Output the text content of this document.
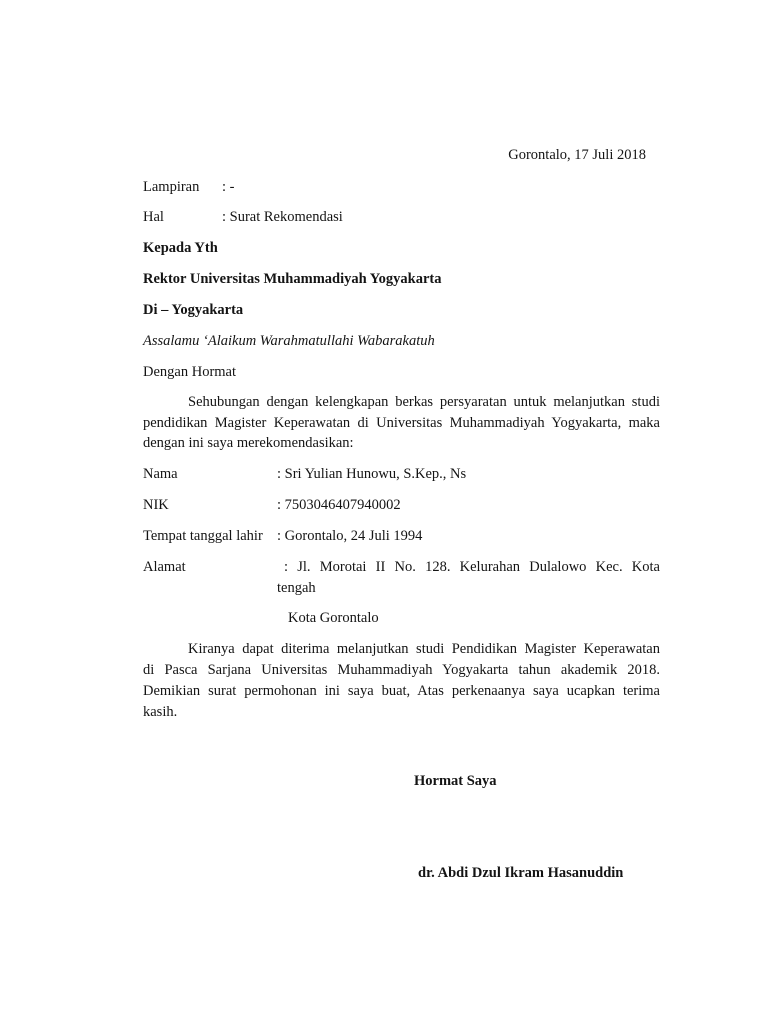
Gorontalo, 17 Juli 2018
Lampiran : -
Hal	: Surat Rekomendasi
Kepada Yth
Rektor Universitas Muhammadiyah Yogyakarta
Di – Yogyakarta
Assalamu ‘Alaikum Warahmatullahi Wabarakatuh
Dengan Hormat
Sehubungan dengan kelengkapan berkas persyaratan untuk melanjutkan studi
pendidikan Magister Keperawatan di Universitas Muhammadiyah Yogyakarta, maka
dengan ini saya merekomendasikan:
Nama	: Sri Yulian Hunowu, S.Kep., Ns
NIK	: 7503046407940002
Tempat tanggal lahir : Gorontalo, 24 Juli 1994
Alamat	: Jl. Morotai II No. 128. Kelurahan Dulalowo Kec. Kota
tengah
Kota Gorontalo
Kiranya dapat diterima melanjutkan studi Pendidikan Magister Keperawatan
di Pasca Sarjana Universitas Muhammadiyah Yogyakarta tahun akademik 2018.
Demikian surat permohonan ini saya buat, Atas perkenaanya saya ucapkan terima
kasih.
Hormat Saya
dr. Abdi Dzul Ikram Hasanuddin
